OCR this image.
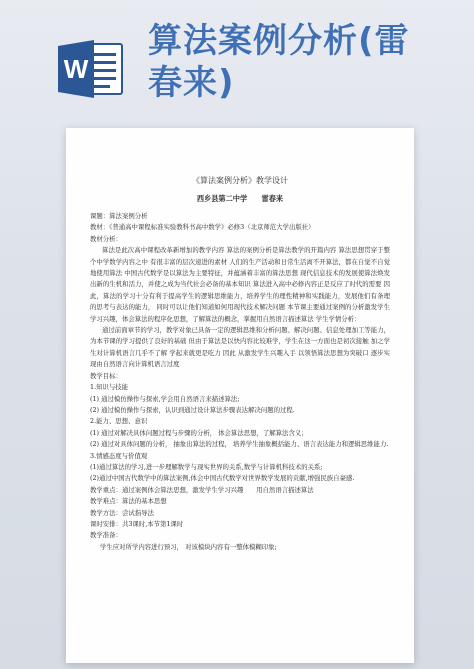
W
算法案例分析(雷
春来)
《算法案例分析》教学设计
西乡县第二中学　　雷春来
课题：算法案例分析
教材：《普通高中课程标准实验教科书高中数学》必修3（北京师范大学出版社）
教材分析：
算法是此次高中课程改革新增加的教学内容 算法的案例分析是算法教学的开篇内容 算法思想贯穿于整个中学数学内容之中 有很丰富的层次递进的素材 人们的生产活动和日常生活离不开算法，都在自觉不自觉地使用算法 中国古代数学是以算法为主要特征，并蕴涵着丰富的算法思想 现代信息技术的发展使算法焕发出新的生机和活力，并使之成为当代社会必备的基本知识 算法进入高中必修内容正是反应了时代的需要 因此，算法的学习十分有利于提高学生的逻辑思维能力，培养学生的理性精神和实践能力，发展他们有条理的思考与表达的能力， 同时可以让他们知道如何用现代技术解决问题 本节课主要通过案例的分析激发学生学习兴趣，体会算法的程序化思想，了解算法的概念，掌握用自然语言描述算法 学生学情分析：
通过前面章节的学习，教学对象已具备一定的逻辑思维和分析问题、解决问题、信息处理加工等能力，为本节课的学习提供了良好的基础 但由于算法是以快内容比较难学，学生在这一方面也是初次接触 加之学生对计算机语言几乎不了解 学起来就更是吃力 因此 从激发学生兴趣入手 以领悟算法思想为突破口 逐步实现由自然语言向计算机语言过度
教学目标：
1.知识与技能
(1) 通过模仿操作与探索,学会用自然语言来描述算法;
(2) 通过模仿操作与探索，认识到通过设计算法步骤表达解决问题的过程.
2.能力、思想、意识
(1) 通过对解决具体问题过程与步骤的分析， 体会算法思想，了解算法含义；
(2) 通过对具体问题的分析， 抽象出算法的过程， 培养学生抽象概括能力、语言表达能力和逻辑思维能力.
3.情感态度与价值观
(1)通过算法的学习,进一步理解数学与现实世界的关系,数学与计算机科技术的关系;
(2)通过中国古代数学中的算法案例,体会中国古代数学对世界数学发展的贡献,增强民族自豪感.
教学重点：通过案例体会算法思想，激发学生学习兴趣　　用自然语言描述算法
教学难点：算法的基本思想
教学方法：尝试指导法
课时安排：共3课时,本节第1课时
教学准备：
学生应对所学内容进行预习， 对该模块内容有一整体模糊印象;
